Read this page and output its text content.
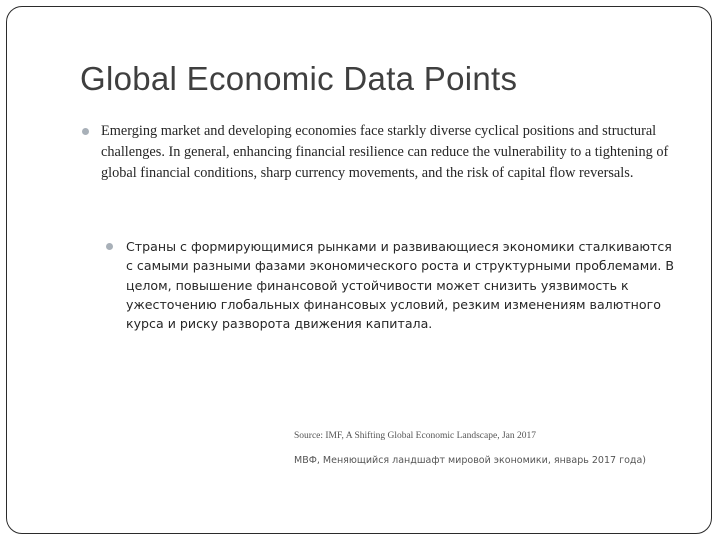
Global Economic Data Points
Emerging market and developing economies face starkly diverse cyclical positions and structural challenges. In general, enhancing financial resilience can reduce the vulnerability to a tightening of global financial conditions, sharp currency movements, and the risk of capital flow reversals.
Страны с формирующимися рынками и развивающиеся экономики сталкиваются с самыми разными фазами экономического роста и структурными проблемами. В целом, повышение финансовой устойчивости может снизить уязвимость к ужесточению глобальных финансовых условий, резким изменениям валютного курса и риску разворота движения капитала.
Source: IMF, A Shifting Global Economic Landscape, Jan 2017
МВФ, Меняющийся ландшафт мировой экономики, январь 2017 года)
